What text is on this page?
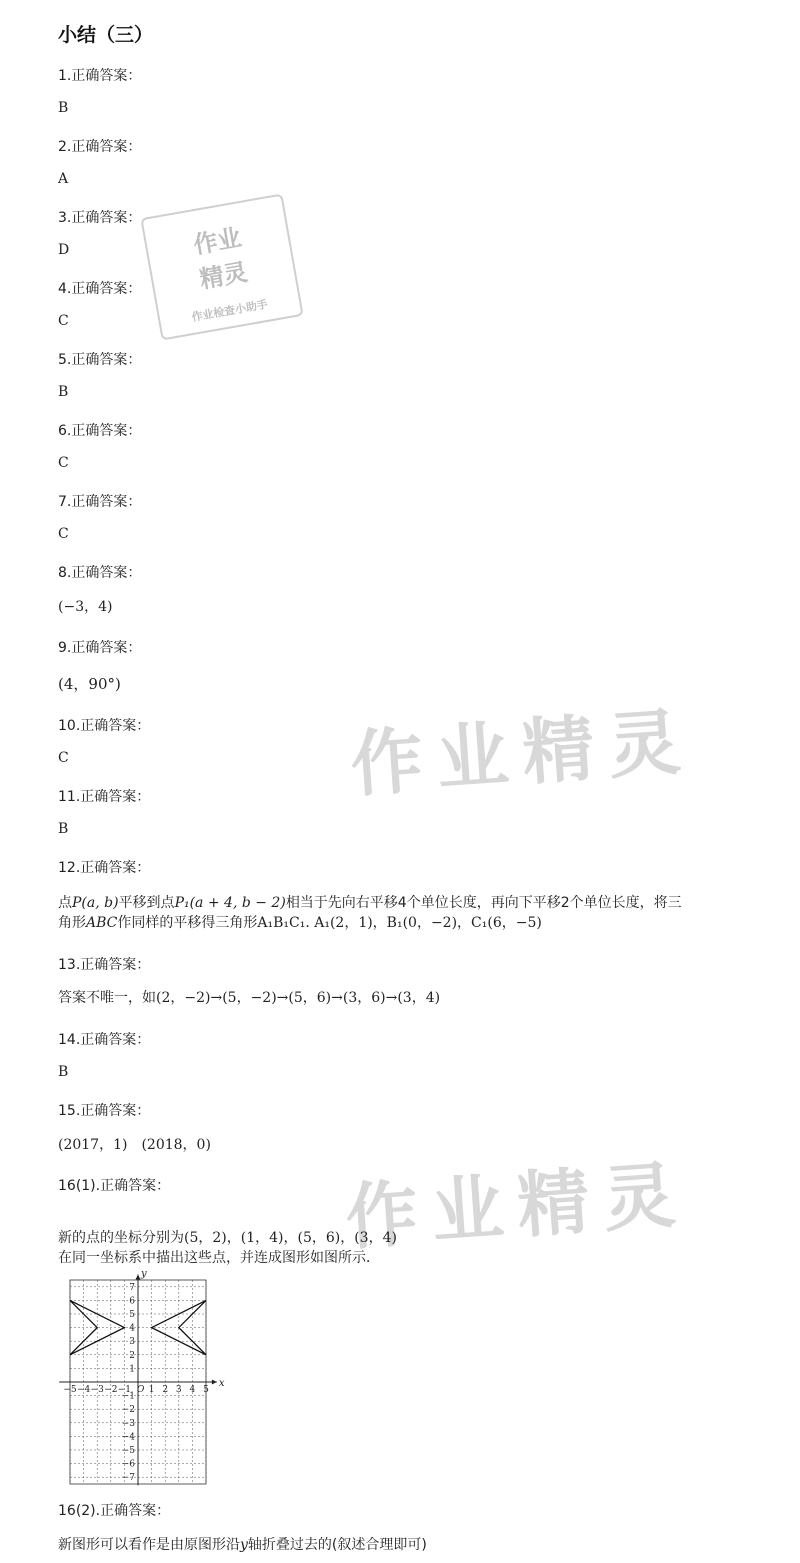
小结（三）
作业
精灵
作业检查小助手
作业精灵
作业精灵
1.正确答案：
B
2.正确答案：
A
3.正确答案：
D
4.正确答案：
C
5.正确答案：
B
6.正确答案：
C
7.正确答案：
C
8.正确答案：
(−3，4)
9.正确答案：
(4，90°)
10.正确答案：
C
11.正确答案：
B
12.正确答案：
点P(a, b)平移到点P₁(a + 4, b − 2)相当于先向右平移4个单位长度，再向下平移2个单位长度，将三
角形ABC作同样的平移得三角形A₁B₁C₁. A₁(2，1)，B₁(0，−2)，C₁(6，−5)
13.正确答案：
答案不唯一，如(2，−2)→(5，−2)→(5，6)→(3，6)→(3，4)
14.正确答案：
B
15.正确答案：
(2017，1)　(2018，0)
16(1).正确答案：
新的点的坐标分别为(5，2)，(1，4)，(5，6)，(3，4)
在同一坐标系中描出这些点，并连成图形如图所示．
−5 −4 −3 −2 −1 1 2 3 4 5
7
6
5
4
3
2
1
−1
−2
−3
−4
−5
−6
−7
O
x
y
16(2).正确答案：
新图形可以看作是由原图形沿y轴折叠过去的(叙述合理即可)
